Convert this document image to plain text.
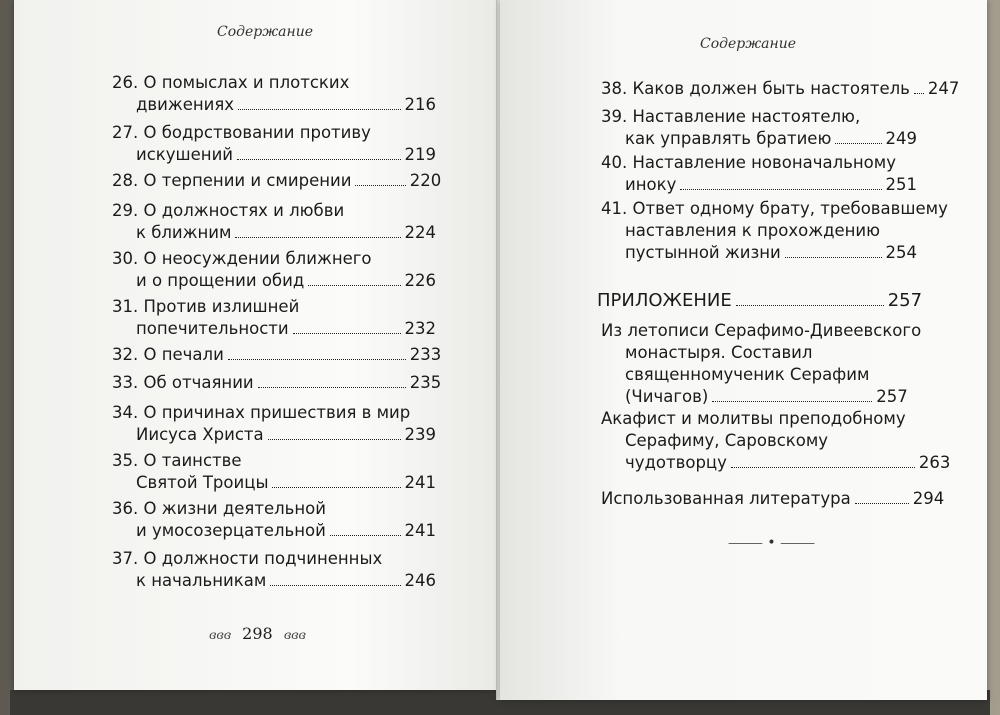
Содержание
26. О помыслах и плотских
движениях	216
27. О бодрствовании противу
искушений	219
28. О терпении и смирении	220
29. О должностях и любви
к ближним	224
30. О неосуждении ближнего
и о прощении обид	226
31. Против излишней
попечительности	232
32. О печали	233
33. Об отчаянии	235
34. О причинах пришествия в мир
Иисуса Христа	239
35. О таинстве
Святой Троицы	241
36. О жизни деятельной
и умосозерцательной	241
37. О должности подчиненных
к начальникам	246
ɞɞɞ 298 ɞɞɞ
Содержание
38. Каков должен быть настоятель 247
39. Наставление настоятелю,
как управлять братиею	249
40. Наставление новоначальному
иноку	251
41. Ответ одному брату, требовавшему
наставления к прохождению
пустынной жизни	254
ПРИЛОЖЕНИЕ	257
Из летописи Серафимо-Дивеевского
монастыря. Составил
священномученик Серафим
(Чичагов)	257
Акафист и молитвы преподобному
Серафиму, Саровскому
чудотворцу	263
Использованная литература	294
⸻ • ⸻
